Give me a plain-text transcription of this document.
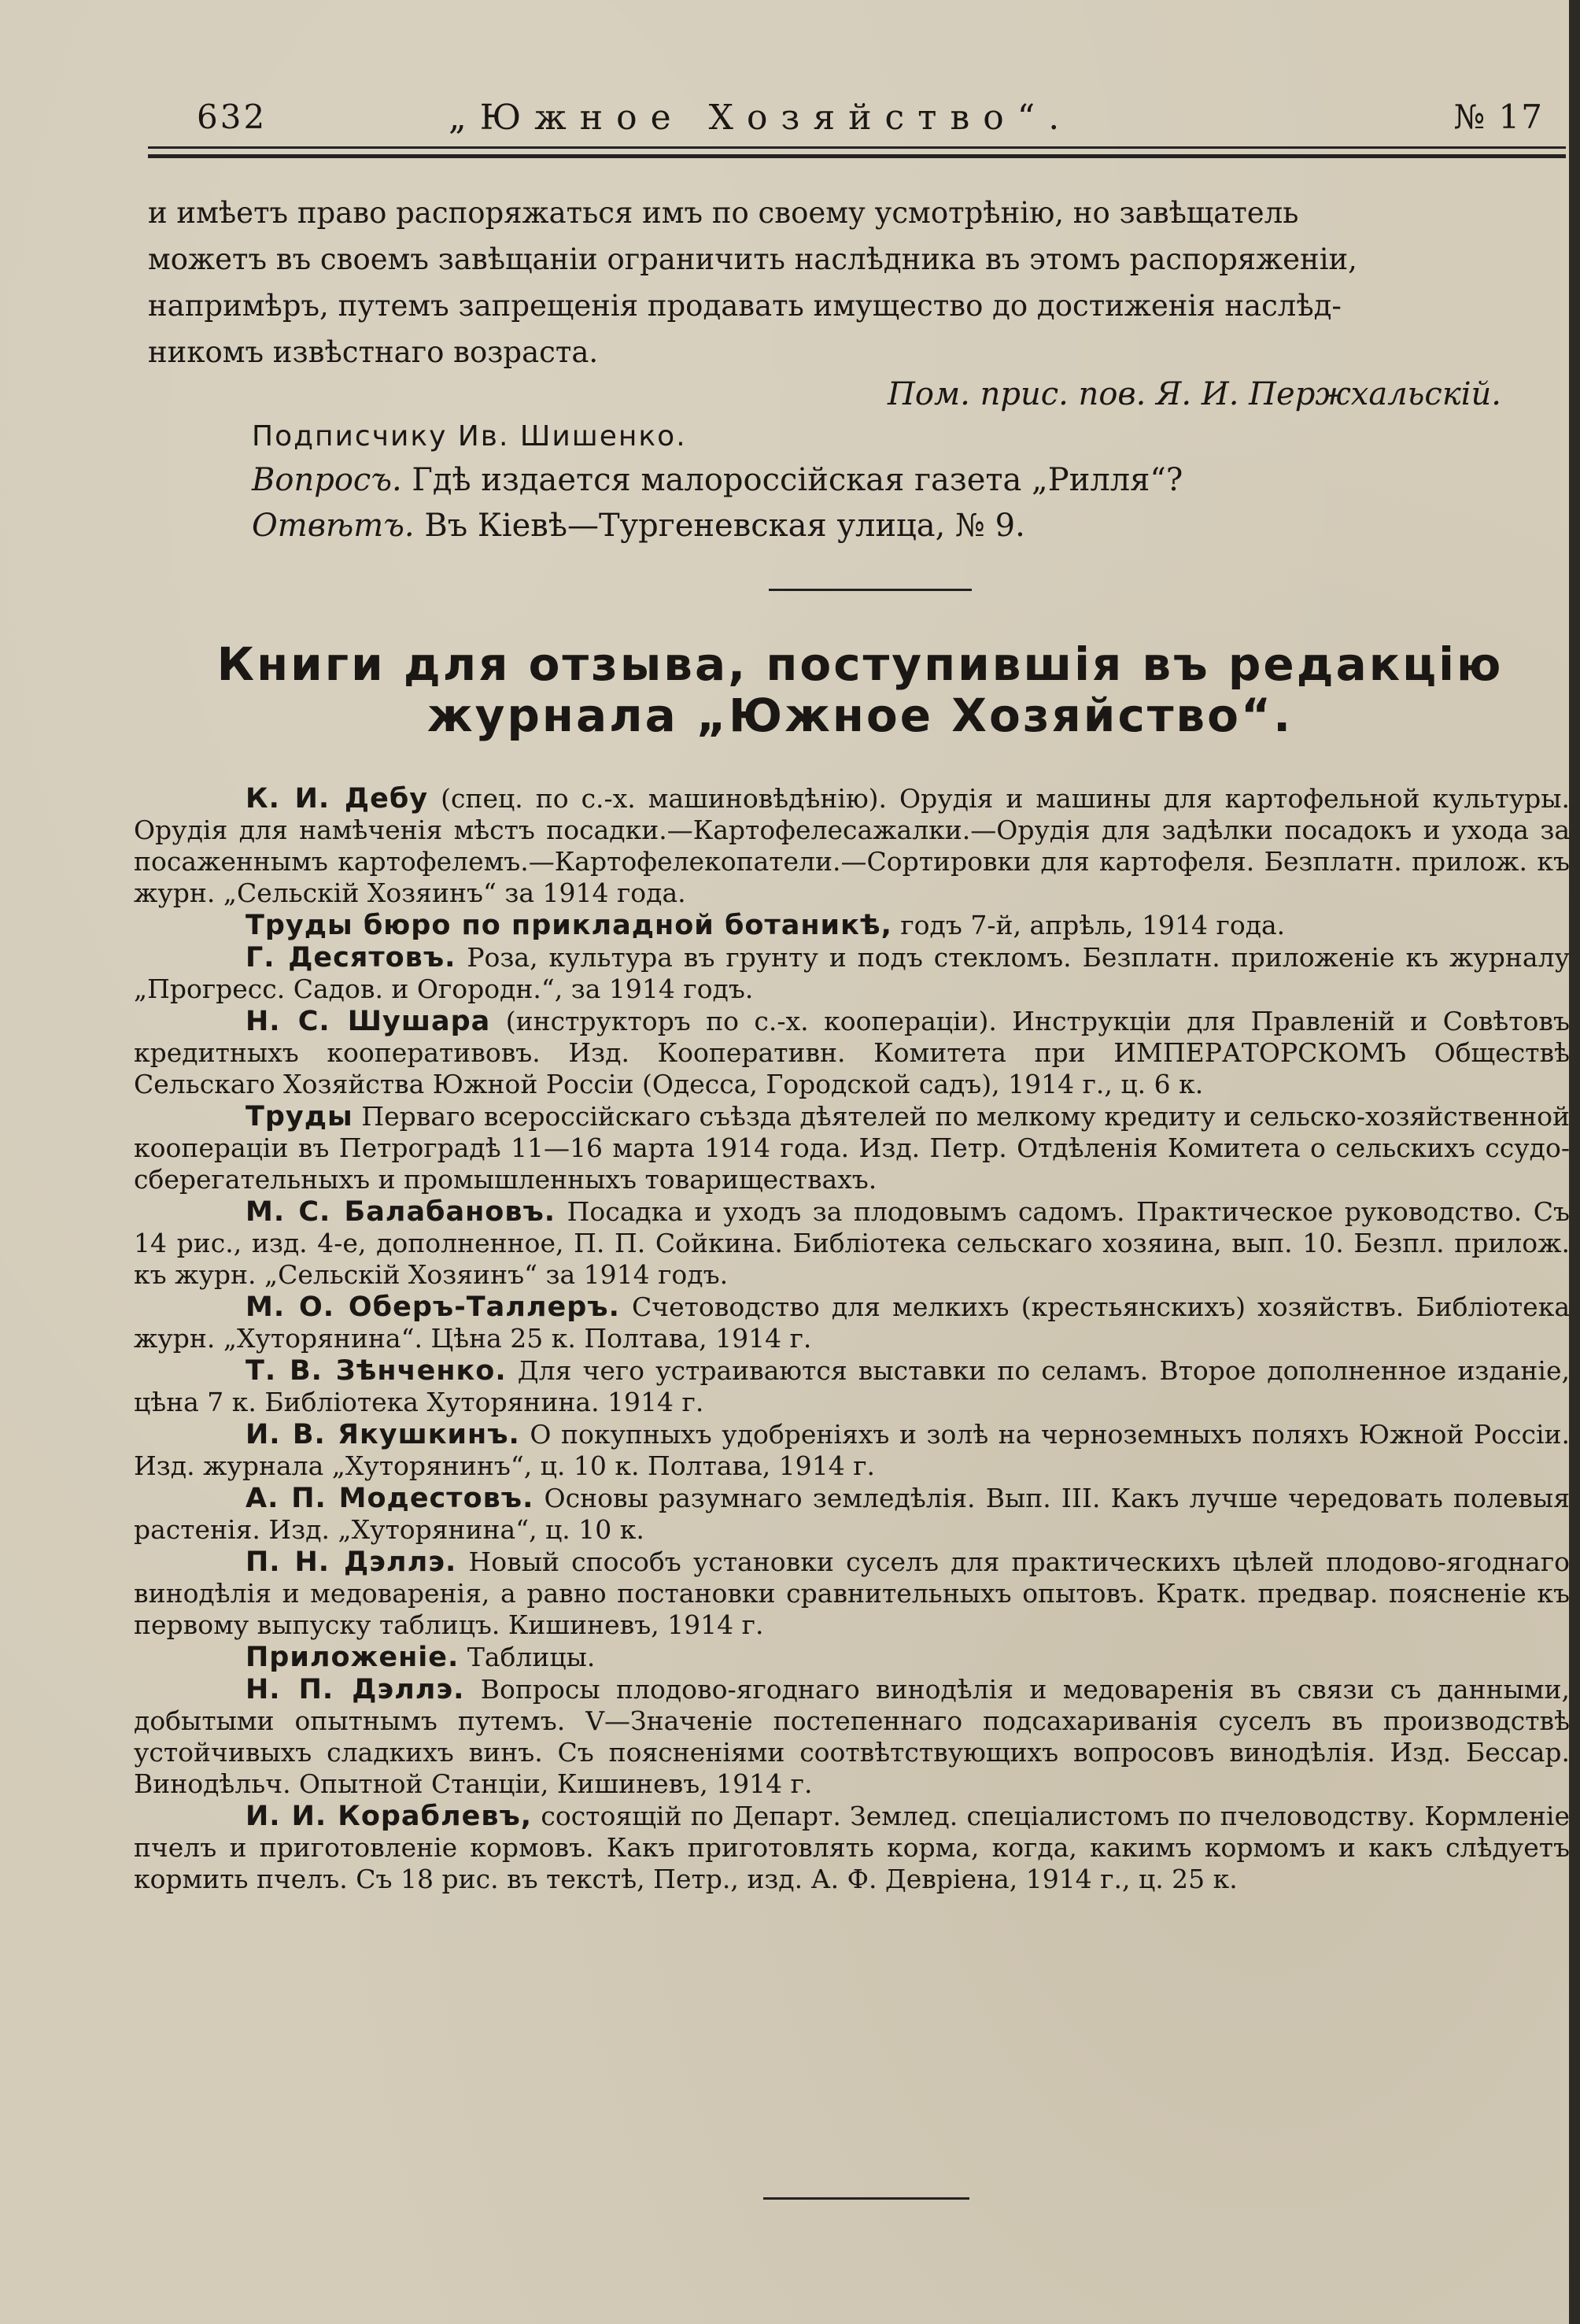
632	„Южное Хозяйство“.	№ 17
и имѣетъ право распоряжаться имъ по своему усмотрѣнію, но завѣщатель
можетъ въ своемъ завѣщаніи ограничить наслѣдника въ этомъ распоряженіи,
напримѣръ, путемъ запрещенія продавать имущество до достиженія наслѣд-
никомъ извѣстнаго возраста.
Пом. прис. пов. Я. И. Пержхальскій.
Подписчику Ив. Шишенко.
Вопросъ. Гдѣ издается малороссійская газета „Рилля“?
Отвѣтъ. Въ Кіевѣ—Тургеневская улица, № 9.
Книги для отзыва, поступившія въ редакцію
журнала „Южное Хозяйство“.

К. И. Дебу (спец. по с.-х. машиновѣдѣнію). Орудія и машины для картофельной культуры. Орудія для намѣченія мѣстъ посадки.—Картофелесажалки.—Орудія для задѣлки посадокъ и ухода за посаженнымъ картофелемъ.—Картофелекопатели.—Сортировки для картофеля. Безплатн. прилож. къ журн. „Сельскій Хозяинъ“ за 1914 года.

Труды бюро по прикладной ботаникѣ, годъ 7-й, апрѣль, 1914 года.

Г. Десятовъ. Роза, культура въ грунту и подъ стекломъ. Безплатн. приложеніе къ журналу „Прогресс. Садов. и Огородн.“, за 1914 годъ.

Н. С. Шушара (инструкторъ по с.-х. коопераціи). Инструкціи для Правленій и Совѣтовъ кредитныхъ кооперативовъ. Изд. Кооперативн. Комитета при ИМПЕРАТОРСКОМЪ Обществѣ Сельскаго Хозяйства Южной Россіи (Одесса, Городской садъ), 1914 г., ц. 6 к.

Труды Перваго всероссійскаго съѣзда дѣятелей по мелкому кредиту и сельско-хозяйственной коопераціи въ Петроградѣ 11—16 марта 1914 года. Изд. Петр. Отдѣленія Комитета о сельскихъ ссудо-сберегательныхъ и промышленныхъ товариществахъ.

М. С. Балабановъ. Посадка и уходъ за плодовымъ садомъ. Практическое руководство. Съ 14 рис., изд. 4-е, дополненное, П. П. Сойкина. Библіотека сельскаго хозяина, вып. 10. Безпл. прилож. къ журн. „Сельскій Хозяинъ“ за 1914 годъ.

М. О. Оберъ-Таллеръ. Счетоводство для мелкихъ (крестьянскихъ) хозяйствъ. Библіотека журн. „Хуторянина“. Цѣна 25 к. Полтава, 1914 г.

Т. В. Зѣнченко. Для чего устраиваются выставки по селамъ. Второе дополненное изданіе, цѣна 7 к. Библіотека Хуторянина. 1914 г.

И. В. Якушкинъ. О покупныхъ удобреніяхъ и золѣ на черноземныхъ поляхъ Южной Россіи. Изд. журнала „Хуторянинъ“, ц. 10 к. Полтава, 1914 г.

А. П. Модестовъ. Основы разумнаго земледѣлія. Вып. III. Какъ лучше чередовать полевыя растенія. Изд. „Хуторянина“, ц. 10 к.

П. Н. Дэллэ. Новый способъ установки суселъ для практическихъ цѣлей плодово-ягоднаго винодѣлія и медоваренія, а равно постановки сравнительныхъ опытовъ. Кратк. предвар. поясненіе къ первому выпуску таблицъ. Кишиневъ, 1914 г.

Приложеніе. Таблицы.

Н. П. Дэллэ. Вопросы плодово-ягоднаго винодѣлія и медоваренія въ связи съ данными, добытыми опытнымъ путемъ. V—Значеніе постепеннаго подсахариванія суселъ въ производствѣ устойчивыхъ сладкихъ винъ. Съ поясненіями соотвѣтствующихъ вопросовъ винодѣлія. Изд. Бессар. Винодѣльч. Опытной Станціи, Кишиневъ, 1914 г.

И. И. Кораблевъ, состоящій по Департ. Землед. спеціалистомъ по пчеловодству. Кормленіе пчелъ и приготовленіе кормовъ. Какъ приготовлять корма, когда, какимъ кормомъ и какъ слѣдуетъ кормить пчелъ. Съ 18 рис. въ текстѣ, Петр., изд. А. Ф. Девріена, 1914 г., ц. 25 к.
